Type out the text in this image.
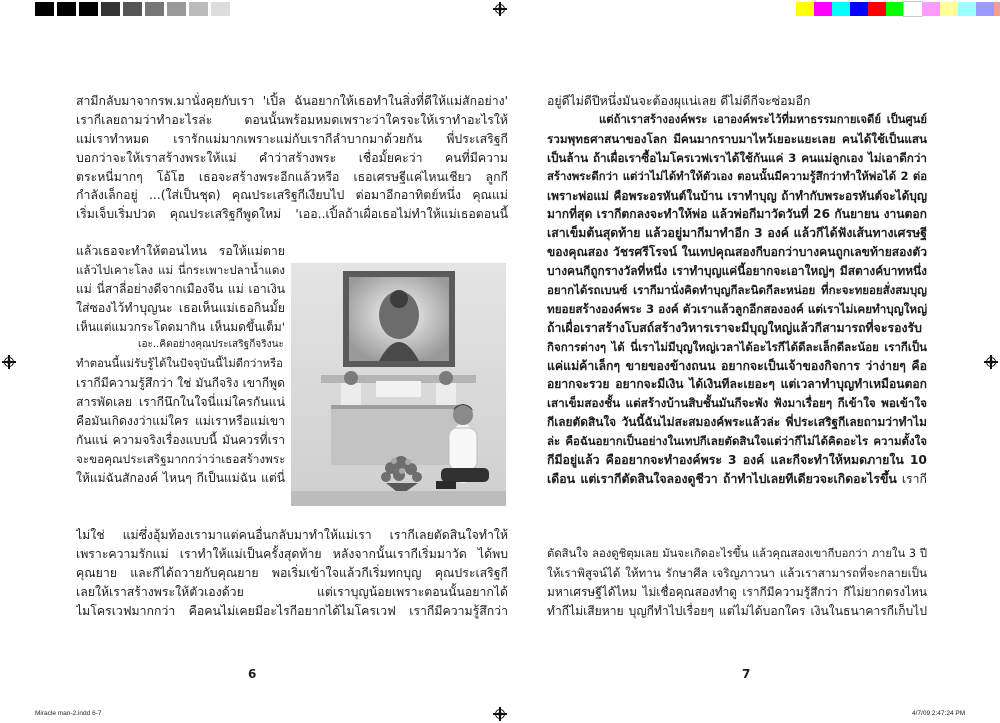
สามีกลับมาจากรพ.มานั่งคุยกับเรา 'เปิ้ล ฉันอยากให้เธอทำในสิ่งที่ดีให้แม่สักอย่าง'
เรากีเลยถามว่าทำอะไรล่ะ ตอนนั้นพร้อมหมดเพราะว่าใครจะให้เราทำอะไรให้
แม่เราทำหมด เรารักแม่มากเพราะแม่กับเรากีลำบากมาด้วยกัน พี่ประเสริฐกี
บอกว่าจะให้เราสร้างพระให้แม่ คำว่าสร้างพระ เชื่อมั้ยคะว่า คนที่มีความ
ตระหนี่มากๆ โอ้โฮ เธอจะสร้างพระอีกแล้วหรือ เธอเศรษฐีแค่ไหนเชียว ลูกกี
กำลังเล็กอยู่ ...(ใส่เป็นชุด) คุณประเสริฐกีเงียบไป ต่อมาอีกอาทิตย์หนึ่ง คุณแม่
เริ่มเจ็บเริ่มปวด คุณประเสริฐกีพูดใหม่ 'เออ..เปิ้ลถ้าเผื่อเธอไม่ทำให้แม่เธอตอนนี้
แล้วเธอจะทำให้ตอนไหน รอให้แม่ตาย
แล้วไปเคาะโลง แม่ นี่กระเพาะปลาน้ำแดง
แม่ นี่สาลี่อย่างดีจากเมืองจีน แม่ เอาเงิน
ใส่ซองไว้ทำบุญนะ เธอเห็นแม่เธอกินมั้ย
เห็นแต่แมวกระโดดมากิน เห็นมดขึ้นเต็ม'
เอะ..คิดอย่างคุณประเสริฐกีจริงนะ
ทำตอนนี้แม่รับรู้ได้ในปัจจุบันนี้ไม่ดีกว่าหรือ
เรากีมีความรู้สึกว่า ใช่ มันกีจริง เขากีพูด
สารพัดเลย เรากีนึกในใจนี่แม่ใครกันแน่
คือมันเกิดงงว่าแม่ใคร แม่เราหรือแม่เขา
กันแน่ ความจริงเรื่องแบบนี้ มันควรที่เรา
จะขอคุณประเสริฐมากกว่าว่าเธอสร้างพระ
ให้แม่ฉันสักองค์ ไหนๆ กีเป็นแม่ฉัน แต่นี่
ไม่ใช่ แม่ซึ่งอุ้มท้องเรามาแต่คนอื่นกลับมาทำให้แม่เรา เรากีเลยตัดสินใจทำให้
เพราะความรักแม่ เราทำให้แม่เป็นครั้งสุดท้าย หลังจากนั้นเรากีเริ่มมาวัด ได้พบ
คุณยาย และกีได้ถวายกับคุณยาย พอเริ่มเข้าใจแล้วกีเริ่มทกบุญ คุณประเสริฐกี
เลยให้เราสร้างพระให้ตัวเองด้วย แต่เราบุญน้อยเพราะตอนนั้นอยากได้
ไมโครเวฟมากกว่า คือคนไม่เคยมีอะไรกีอยากได้ไมโครเวฟ เรากีมีความรู้สึกว่า
6
อยู่ดีไม่ดีปีหนึ่งมันจะต้องผุแน่เลย ดีไม่ดีกีจะซ่อมอีก
แต่ถ้าเราสร้างองค์พระ เอาองค์พระไว้ที่มหาธรรมกายเจดีย์ เป็นศูนย์
รวมพุทธศาสนาของโลก มีคนมากราบมาไหว้เยอะแยะเลย คนได้ใช้เป็นแสน
เป็นล้าน ถ้าเผื่อเราซื้อไมโครเวฟเราได้ใช้กันแค่ 3 คนแม่ลูกเอง ไม่เอาดีกว่า
สร้างพระดีกว่า แต่ว่าไม่ได้ทำให้ตัวเอง ตอนนั้นมีความรู้สึกว่าทำให้พ่อได้ 2 ต่อ
เพราะพ่อแม่ คือพระอรหันต์ในบ้าน เราทำบุญ ถ้าทำกับพระอรหันต์จะได้บุญ
มากที่สุด เรากีตกลงจะทำให้พ่อ แล้วพ่อกีมาวัดวันที่ 26 กันยายน งานตอก
เสาเข็มต้นสุดท้าย แล้วอยู่มากีมาทำอีก 3 องค์ แล้วกีได้ฟังเส้นทางเศรษฐี
ของคุณสอง วัชรศรีโรจน์ ในเทปคุณสองกีบอกว่าบางคนถูกเลขท้ายสองตัว
บางคนกีถูกรางวัลที่หนึ่ง เราทำบุญแค่นี้อยากจะเอาใหญ่ๆ มีสตางค์บาทหนึ่ง
อยากได้รถเบนซ์ เรากีมานั่งคิดทำบุญกีละนิดกีละหน่อย ที่กะจะทยอยสั่งสมบุญ
ทยอยสร้างองค์พระ 3 องค์ ตัวเราแล้วลูกอีกสององค์ แต่เราไม่เคยทำบุญใหญ่
ถ้าเผื่อเราสร้างโบสถ์สร้างวิหารเราจะมีบุญใหญ่แล้วกีสามารถที่จะรองรับ
กิจการต่างๆ ได้ นี่เราไม่มีบุญใหญ่เวลาได้อะไรกีได้ดีละเล็กดีละน้อย เรากีเป็น
แค่แม่ค้าเล็กๆ ขายของข้างถนน อยากจะเป็นเจ้าของกิจการ ว่าง่ายๆ คือ
อยากจะรวย อยากจะมีเงิน ได้เงินทีละเยอะๆ แต่เวลาทำบุญทำเหมือนตอก
เสาเข็มสองชั้น แต่สร้างบ้านสิบชั้นมันกีจะพัง ฟังมาเรื่อยๆ กีเข้าใจ พอเข้าใจ
กีเลยตัดสินใจ วันนี้ฉันไม่สะสมองค์พระแล้วล่ะ พี่ประเสริฐกีเลยถามว่าทำไม
ล่ะ คือฉันอยากเป็นอย่างในเทปกีเลยตัดสินใจแต่ว่ากีไม่ได้คิดอะไร ความตั้งใจ
กีมีอยู่แล้ว คืออยากจะทำองค์พระ 3 องค์ และกีจะทำให้หมดภายใน 10
เดือน แต่เรากีตัดสินใจลองดูชีวา ถ้าทำไปเลยทีเดียวจะเกิดอะไรขึ้น เรากี
ตัดสินใจ ลองดูชิตุมเลย มันจะเกิดอะไรขึ้น แล้วคุณสองเขากีบอกว่า ภายใน 3 ปี
ให้เราพิสูจน์ได้ ให้ทาน รักษาศีล เจริญภาวนา แล้วเราสามารถที่จะกลายเป็น
มหาเศรษฐีได้ไหม ไม่เชื่อคุณสองทำดู เรากีมีความรู้สึกว่า กีไม่ยากตรงไหน
ทำกีไม่เสียหาย บุญกีทำไปเรื่อยๆ แต่ไม่ได้บอกใคร เงินในธนาคารกีเก็บไป
7
Miracle man-2.indd 6-7	4/7/09 2:47:24 PM
